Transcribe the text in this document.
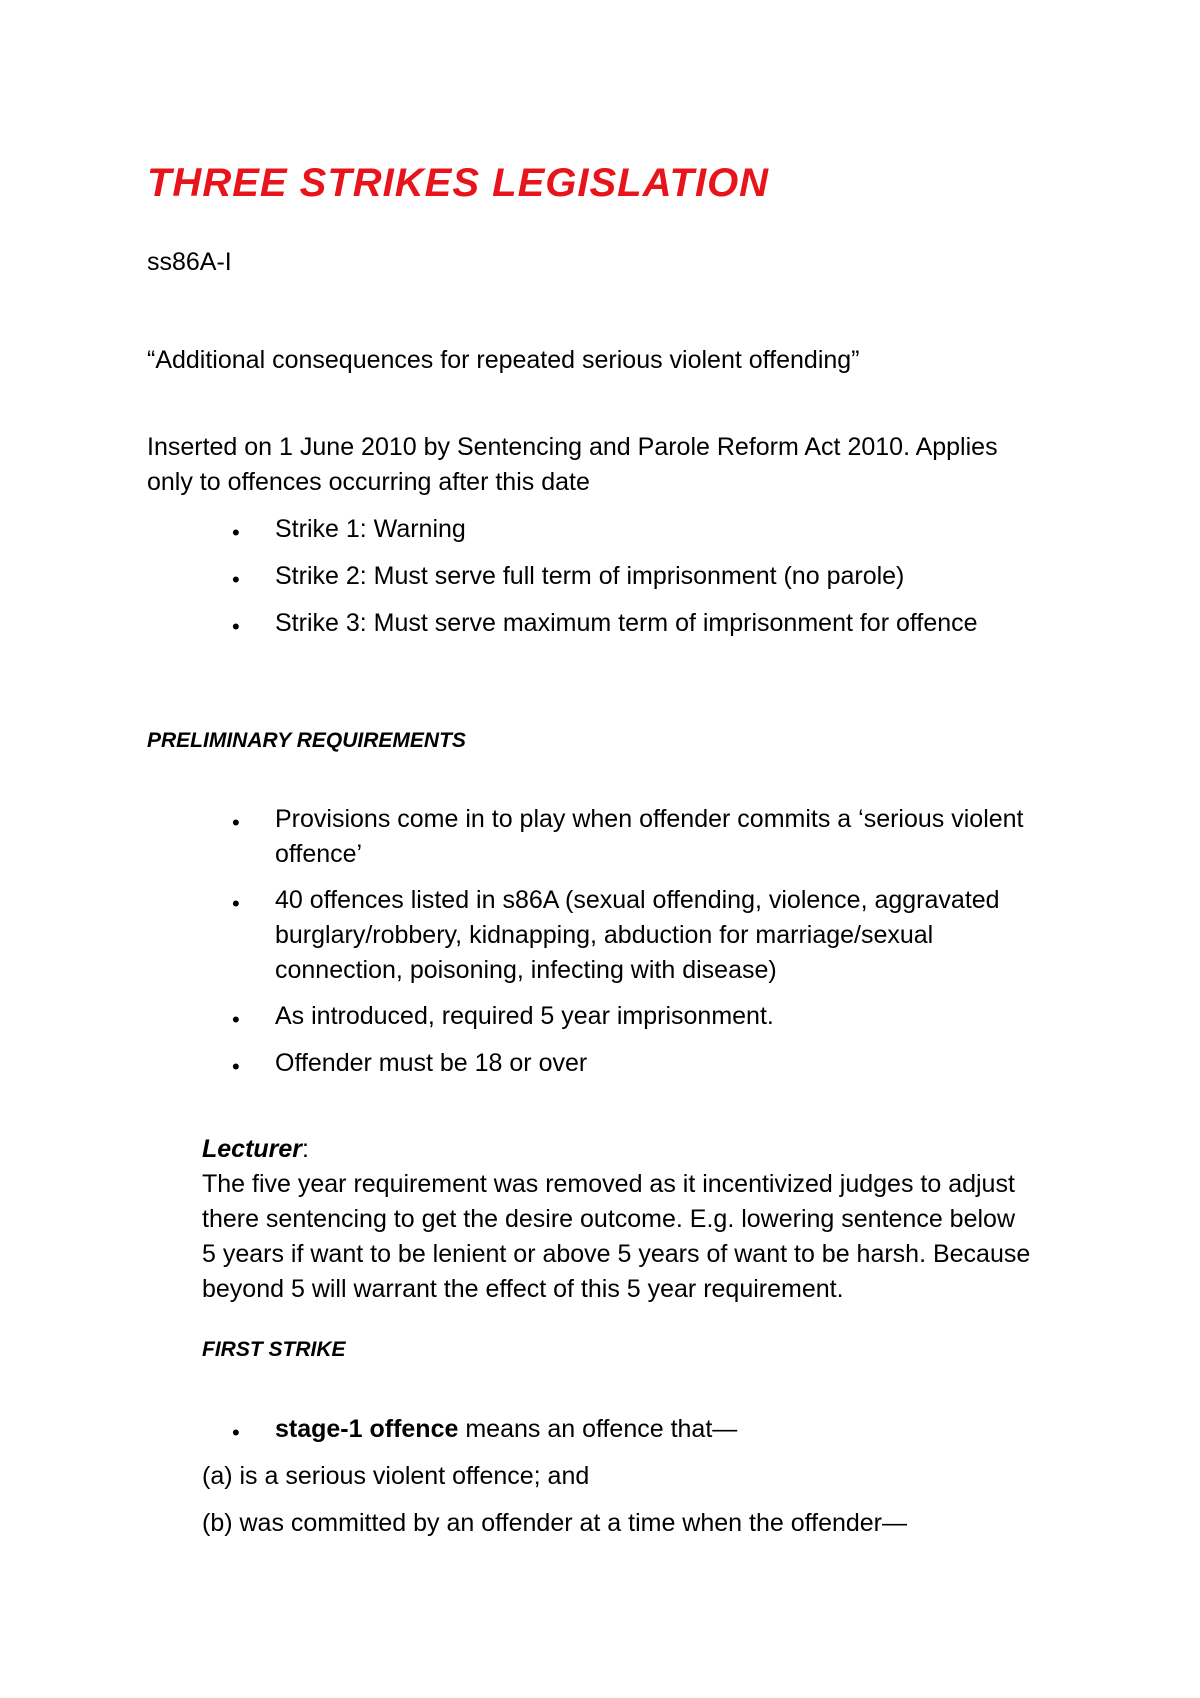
THREE STRIKES LEGISLATION

ss86A-I

“Additional consequences for repeated serious violent offending”

Inserted on 1 June 2010 by Sentencing and Parole Reform Act 2010. Applies

only to offences occurring after this date

• Strike 1: Warning

• Strike 2: Must serve full term of imprisonment (no parole)

• Strike 3: Must serve maximum term of imprisonment for offence

PRELIMINARY REQUIREMENTS
• Provisions come in to play when offender commits a ‘serious violent

offence’

• 40 offences listed in s86A (sexual offending, violence, aggravated

burglary/robbery, kidnapping, abduction for marriage/sexual

connection, poisoning, infecting with disease)

• As introduced, required 5 year imprisonment.

• Offender must be 18 or over

Lecturer:

The five year requirement was removed as it incentivized judges to adjust

there sentencing to get the desire outcome. E.g. lowering sentence below

5 years if want to be lenient or above 5 years of want to be harsh. Because

beyond 5 will warrant the effect of this 5 year requirement.

FIRST STRIKE
• stage-1 offence means an offence that—

(a) is a serious violent offence; and

(b) was committed by an offender at a time when the offender—
